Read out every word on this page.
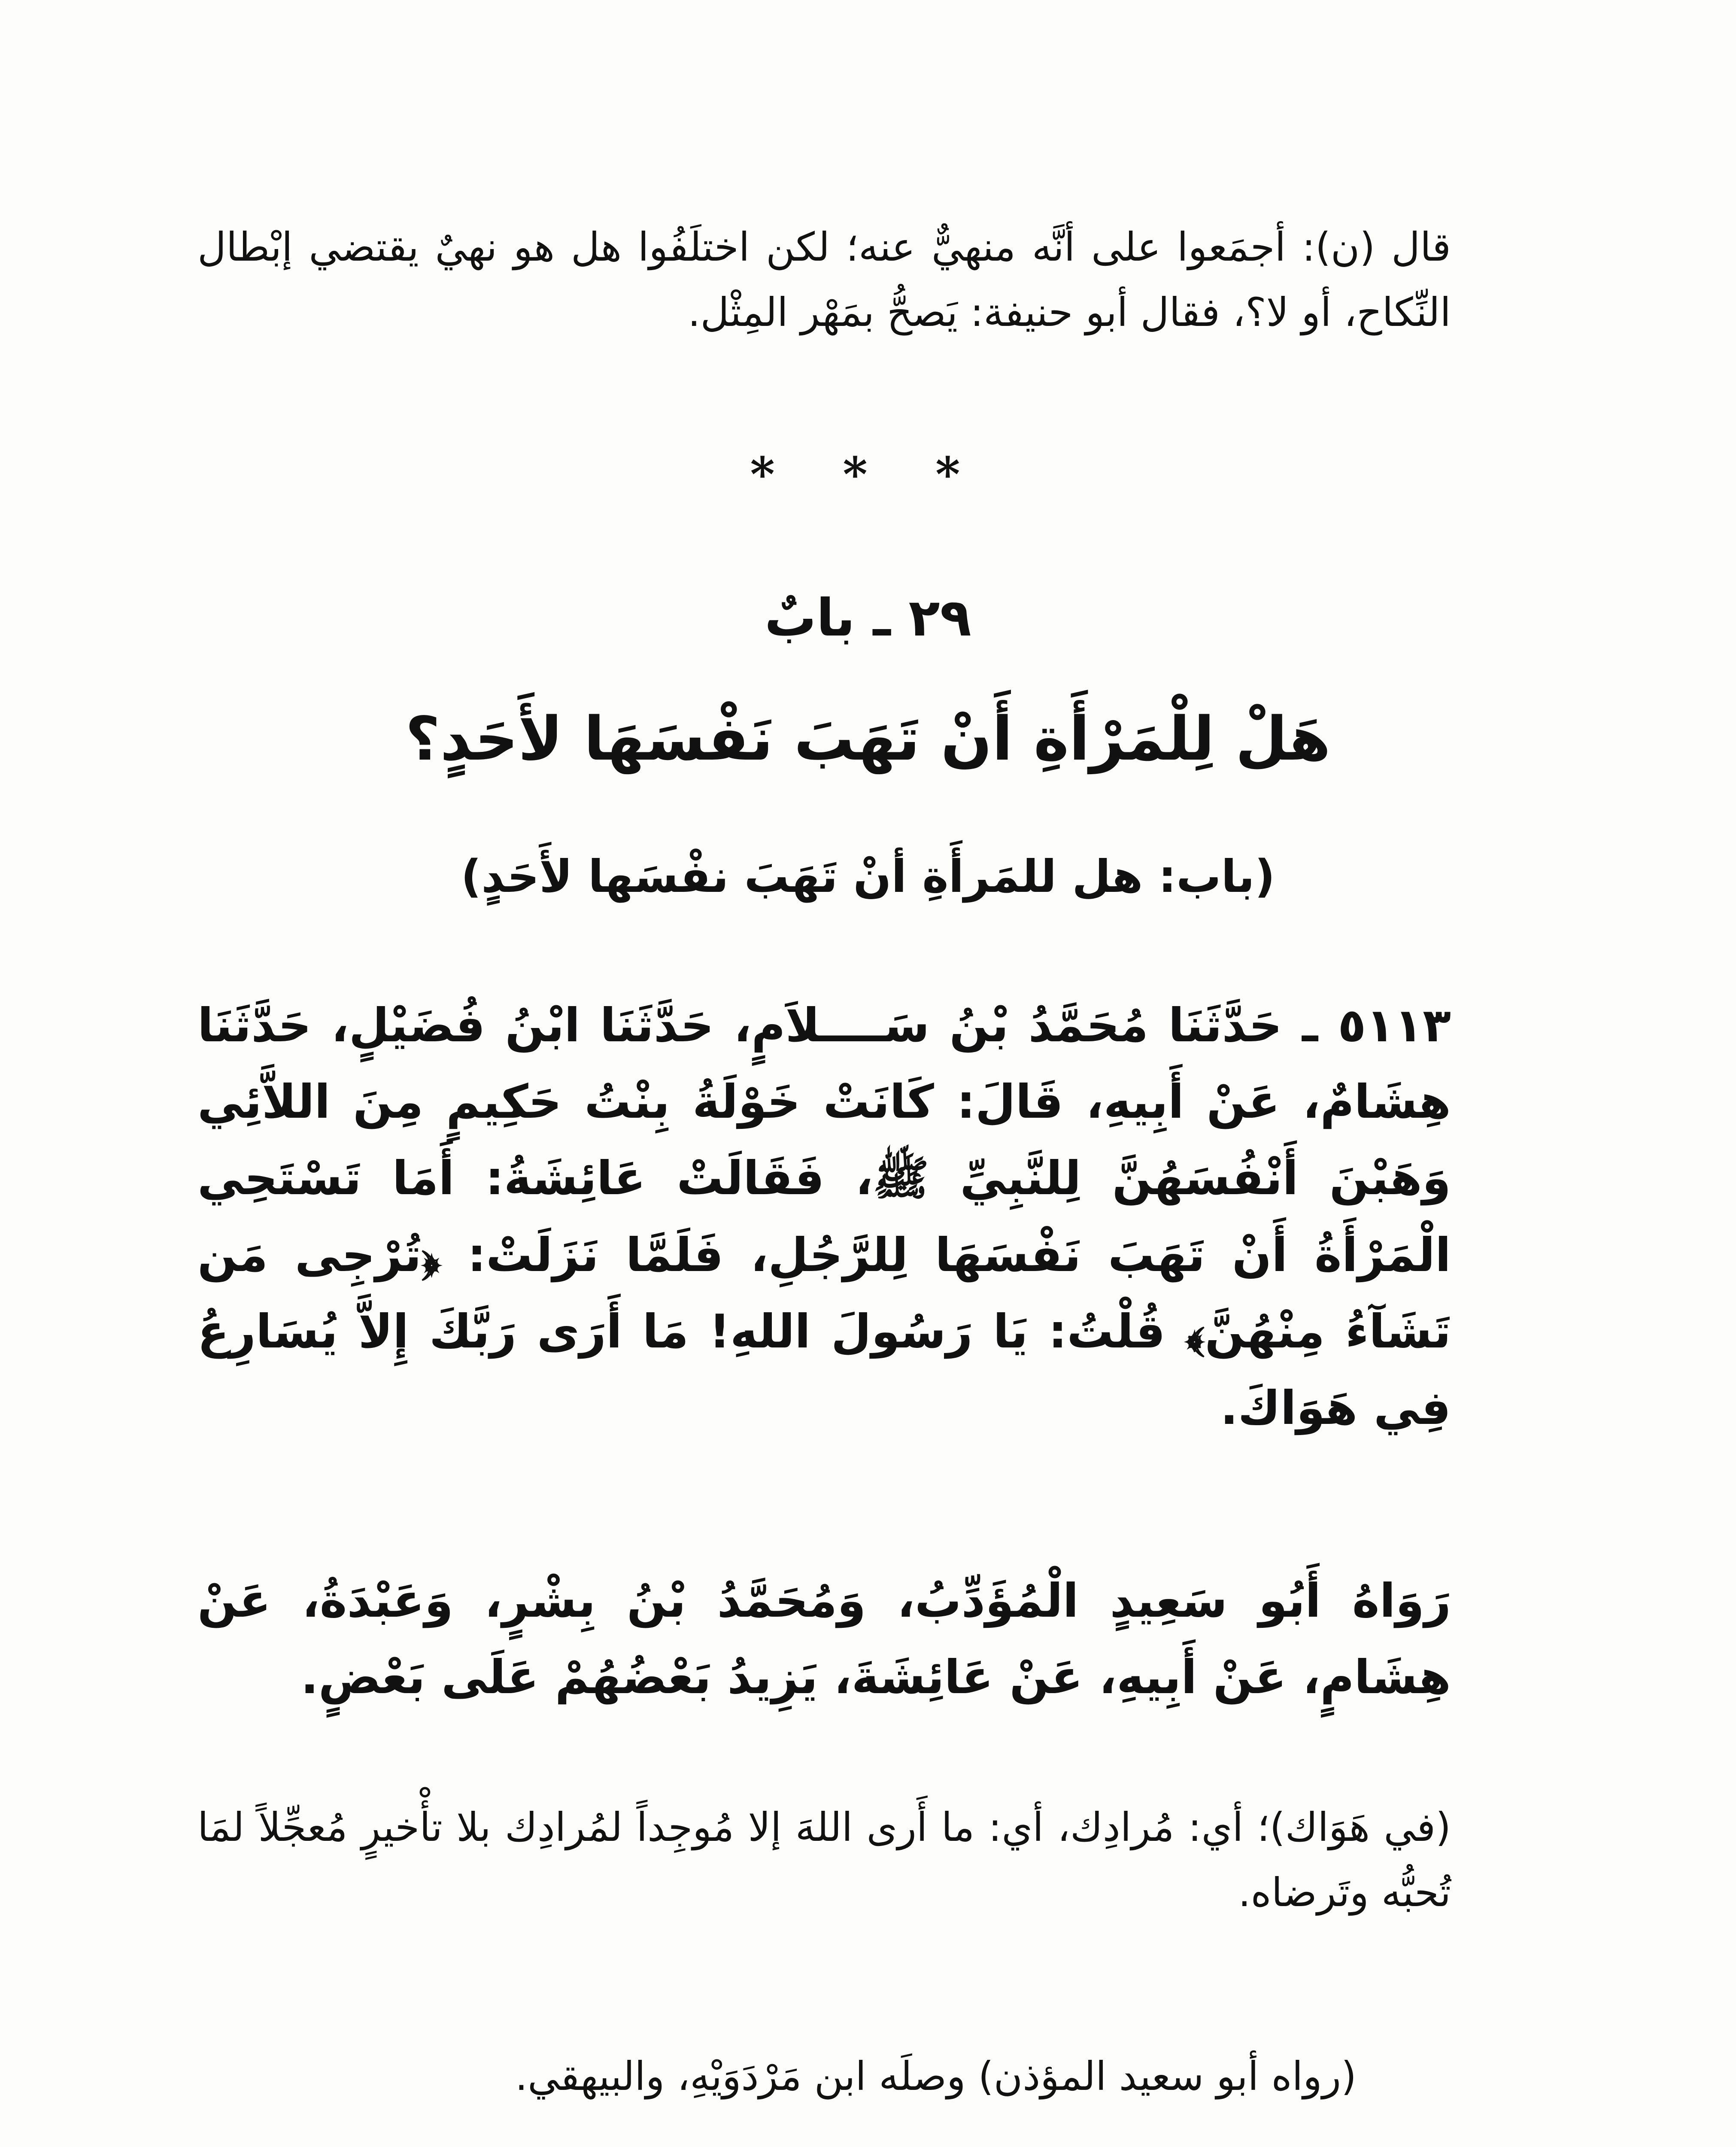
قال (ن): أجمَعوا على أنَّه منهيٌّ عنه؛ لكن اختلَفُوا هل هو نهيٌ يقتضي إبْطال النِّكاح، أو لا؟، فقال أبو حنيفة: يَصحُّ بمَهْر المِثْل.
* * *
٢٩ ـ بابٌ
هَلْ لِلْمَرْأَةِ أَنْ تَهَبَ نَفْسَهَا لأَحَدٍ؟
(باب: هل للمَرأَةِ أنْ تَهَبَ نفْسَها لأَحَدٍ)
٥١١٣ ـ حَدَّثَنَا مُحَمَّدُ بْنُ سَــــلاَمٍ، حَدَّثَنَا ابْنُ فُضَيْلٍ، حَدَّثَنَا هِشَامٌ، عَنْ أَبِيهِ، قَالَ: كَانَتْ خَوْلَةُ بِنْتُ حَكِيمٍ مِنَ اللاَّئِي وَهَبْنَ أَنْفُسَهُنَّ لِلنَّبِيِّ ﷺ، فَقَالَتْ عَائِشَةُ: أَمَا تَسْتَحِي الْمَرْأَةُ أَنْ تَهَبَ نَفْسَهَا لِلرَّجُلِ، فَلَمَّا نَزَلَتْ: ﴿تُرْجِى مَن تَشَآءُ مِنْهُنَّ﴾ قُلْتُ: يَا رَسُولَ اللهِ! مَا أَرَى رَبَّكَ إِلاَّ يُسَارِعُ فِي هَوَاكَ.
رَوَاهُ أَبُو سَعِيدٍ الْمُؤَدِّبُ، وَمُحَمَّدُ بْنُ بِشْرٍ، وَعَبْدَةُ، عَنْ هِشَامٍ، عَنْ أَبِيهِ، عَنْ عَائِشَةَ، يَزِيدُ بَعْضُهُمْ عَلَى بَعْضٍ.
(في هَوَاك)؛ أي: مُرادِك، أي: ما أَرى اللهَ إلا مُوجِداً لمُرادِك بلا تأْخيرٍ مُعجِّلاً لمَا تُحبُّه وتَرضاه.
(رواه أبو سعيد المؤذن) وصلَه ابن مَرْدَوَيْهِ، والبيهقي.
